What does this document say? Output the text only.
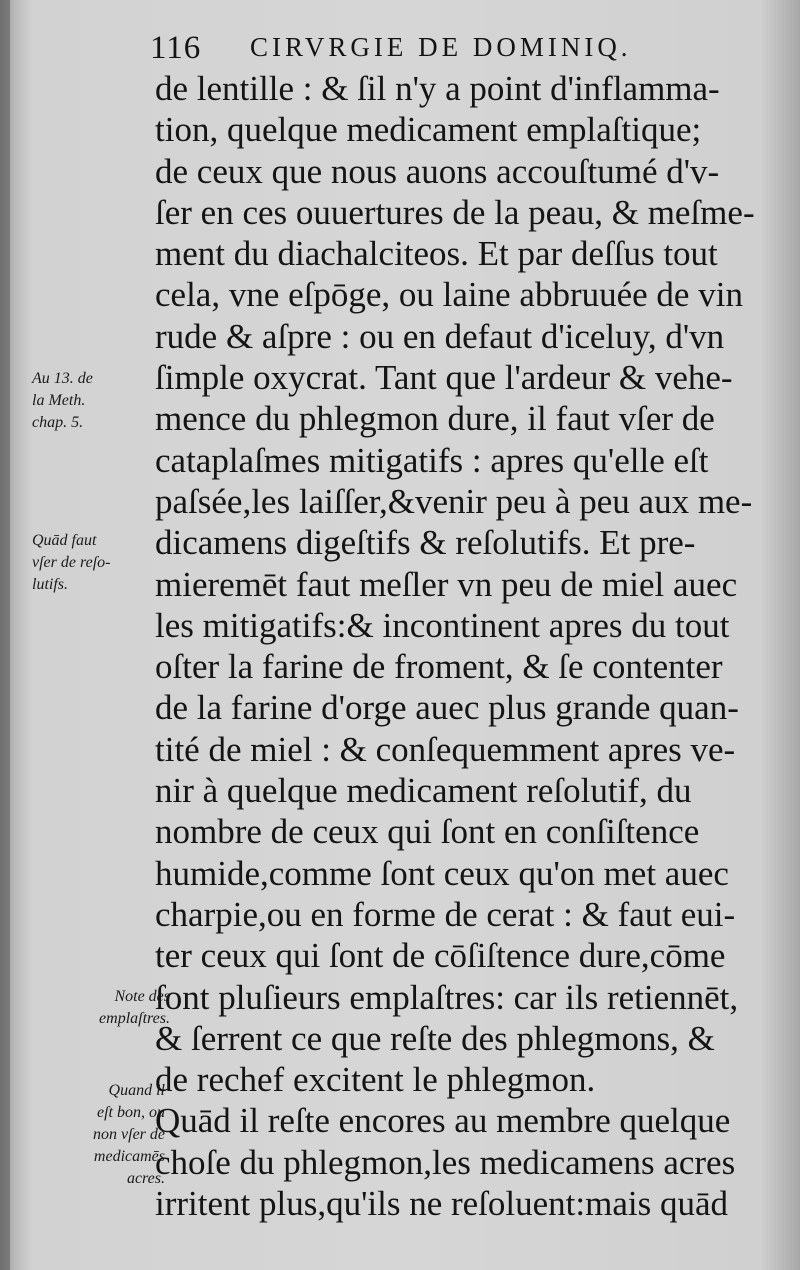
116 CIRVRGIE DE DOMINIQ.
de lentille : & ſil n'y a point d'inflamma-
tion, quelque medicament emplaſtique;
de ceux que nous auons accouſtumé d'v-
ſer en ces ouuertures de la peau, & meſme-
ment du diachalciteos. Et par deſſus tout
cela, vne eſpōge, ou laine abbruuée de vin
rude & aſpre : ou en defaut d'iceluy, d'vn
ſimple oxycrat. Tant que l'ardeur & vehe-
mence du phlegmon dure, il faut vſer de
cataplaſmes mitigatifs : apres qu'elle eſt
paſsée,les laiſſer,&venir peu à peu aux me-
dicamens digeſtifs & reſolutifs. Et pre-
mieremēt faut meſler vn peu de miel auec
les mitigatifs:& incontinent apres du tout
oſter la farine de froment, & ſe contenter
de la farine d'orge auec plus grande quan-
tité de miel : & conſequemment apres ve-
nir à quelque medicament reſolutif, du
nombre de ceux qui ſont en conſiſtence
humide,comme ſont ceux qu'on met auec
charpie,ou en forme de cerat : & faut eui-
ter ceux qui ſont de cōſiſtence dure,cōme
ſont pluſieurs emplaſtres: car ils retiennēt,
& ſerrent ce que reſte des phlegmons, &
de rechef excitent le phlegmon.
Quād il reſte encores au membre quelque
choſe du phlegmon,les medicamens acres
irritent plus,qu'ils ne reſoluent:mais quād
Au 13. de
la Meth.
chap. 5.
Quād faut
vſer de reſo-
lutifs.
Note des
emplaſtres.
Quand il
eſt bon, ou
non vſer de
medicamēs
acres.
